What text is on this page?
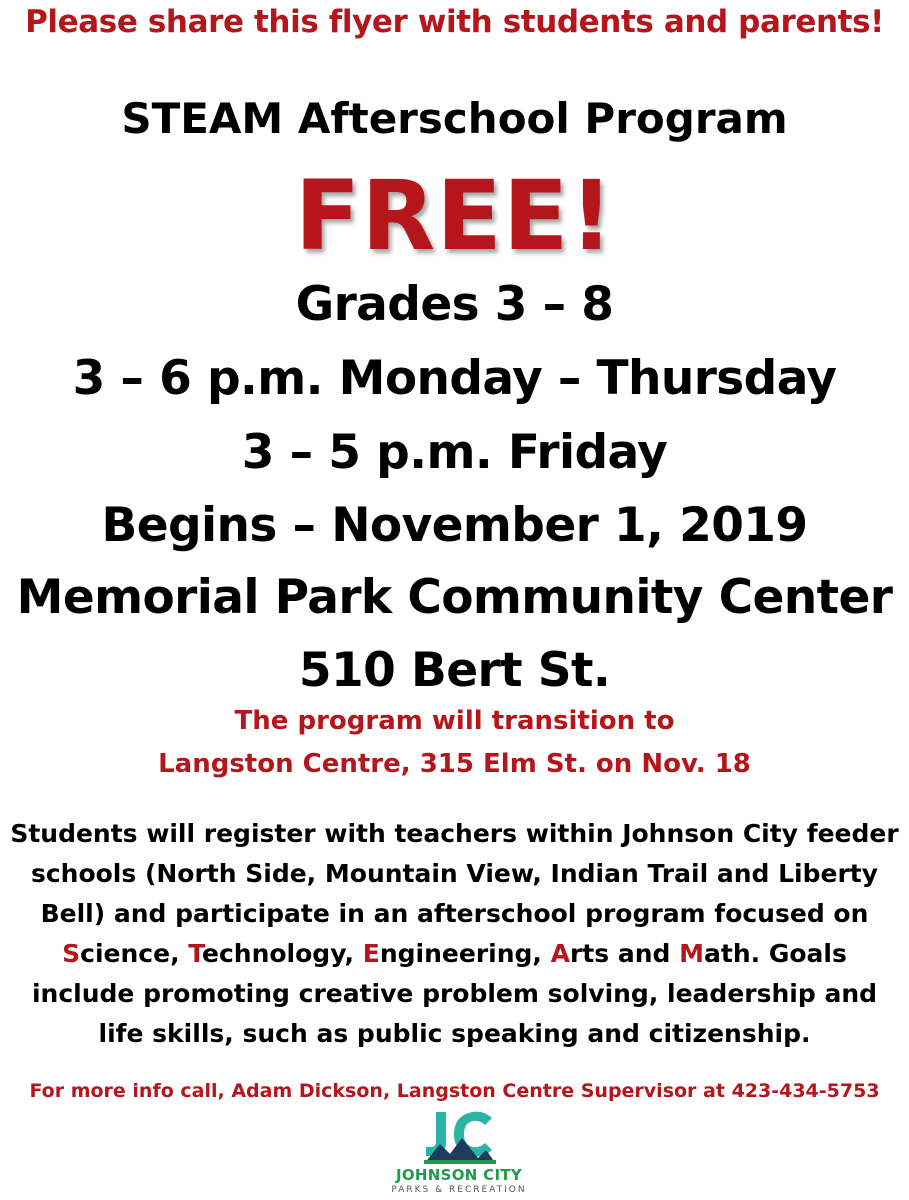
Please share this flyer with students and parents!
STEAM Afterschool Program
FREE!
Grades 3 – 8
3 – 6 p.m. Monday – Thursday
3 – 5 p.m. Friday
Begins – November 1, 2019
Memorial Park Community Center
510 Bert St.
The program will transition to
Langston Centre, 315 Elm St. on Nov. 18
Students will register with teachers within Johnson City feeder
schools (North Side, Mountain View, Indian Trail and Liberty
Bell) and participate in an afterschool program focused on
Science, Technology, Engineering, Arts and Math. Goals
include promoting creative problem solving, leadership and
life skills, such as public speaking and citizenship.
For more info call, Adam Dickson, Langston Centre Supervisor at 423-434-5753
JOHNSON CITY
PARKS & RECREATION
